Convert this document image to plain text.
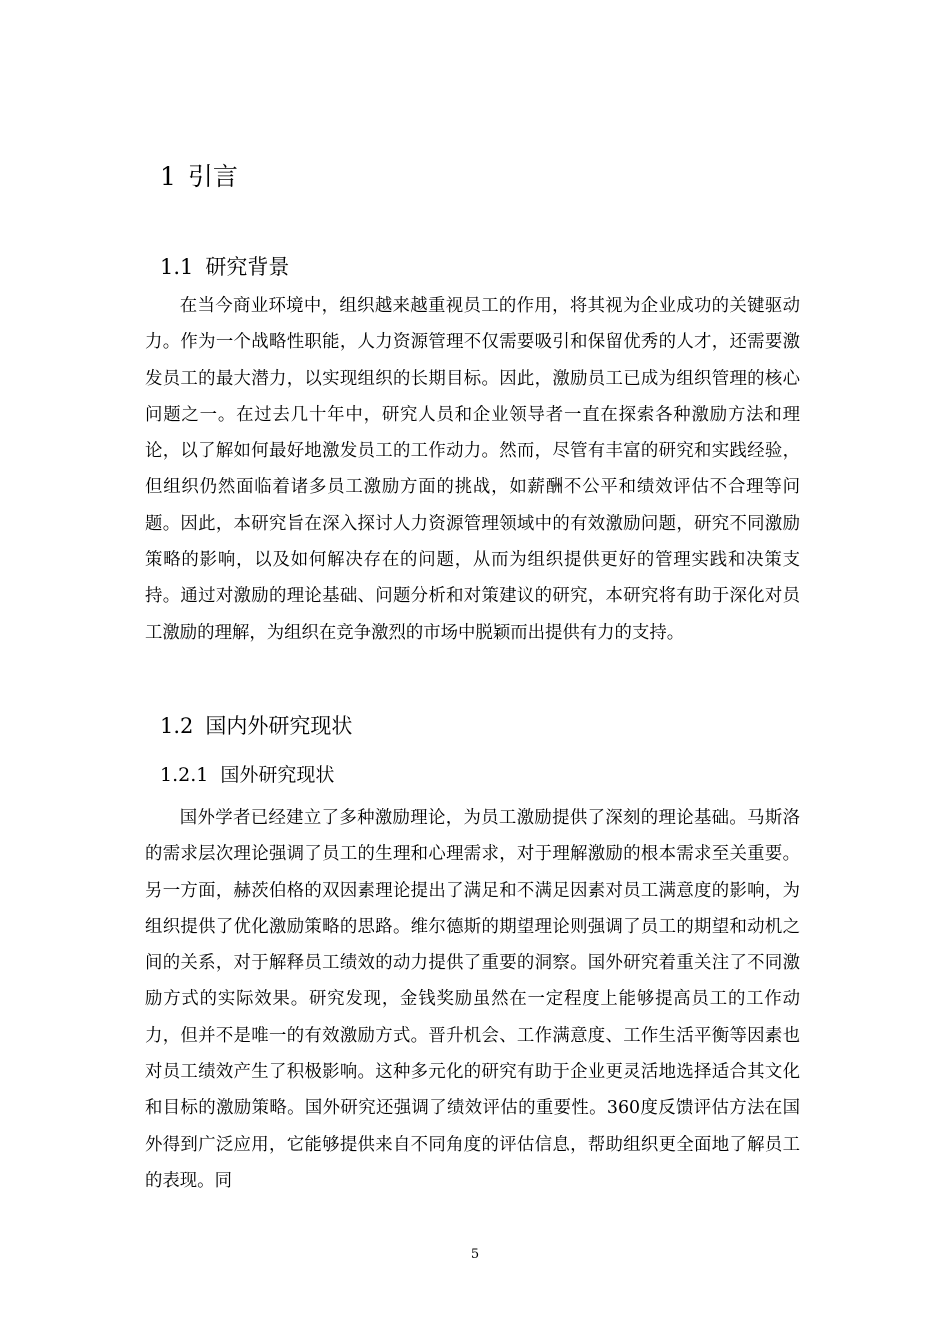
1 引言
1.1 研究背景

在当今商业环境中，组织越来越重视员工的作用，将其视为企业成功的关键驱动力。作为一个战略性职能，人力资源管理不仅需要吸引和保留优秀的人才，还需要激发员工的最大潜力，以实现组织的长期目标。因此，激励员工已成为组织管理的核心问题之一。在过去几十年中，研究人员和企业领导者一直在探索各种激励方法和理论，以了解如何最好地激发员工的工作动力。然而，尽管有丰富的研究和实践经验，但组织仍然面临着诸多员工激励方面的挑战，如薪酬不公平和绩效评估不合理等问题。因此，本研究旨在深入探讨人力资源管理领域中的有效激励问题，研究不同激励策略的影响，以及如何解决存在的问题，从而为组织提供更好的管理实践和决策支持。通过对激励的理论基础、问题分析和对策建议的研究，本研究将有助于深化对员工激励的理解，为组织在竞争激烈的市场中脱颖而出提供有力的支持。

1.2 国内外研究现状
1.2.1 国外研究现状

国外学者已经建立了多种激励理论，为员工激励提供了深刻的理论基础。马斯洛的需求层次理论强调了员工的生理和心理需求，对于理解激励的根本需求至关重要。另一方面，赫茨伯格的双因素理论提出了满足和不满足因素对员工满意度的影响，为组织提供了优化激励策略的思路。维尔德斯的期望理论则强调了员工的期望和动机之间的关系，对于解释员工绩效的动力提供了重要的洞察。国外研究着重关注了不同激励方式的实际效果。研究发现，金钱奖励虽然在一定程度上能够提高员工的工作动力，但并不是唯一的有效激励方式。晋升机会、工作满意度、工作生活平衡等因素也对员工绩效产生了积极影响。这种多元化的研究有助于企业更灵活地选择适合其文化和目标的激励策略。国外研究还强调了绩效评估的重要性。360度反馈评估方法在国外得到广泛应用，它能够提供来自不同角度的评估信息，帮助组织更全面地了解员工的表现。同

5
